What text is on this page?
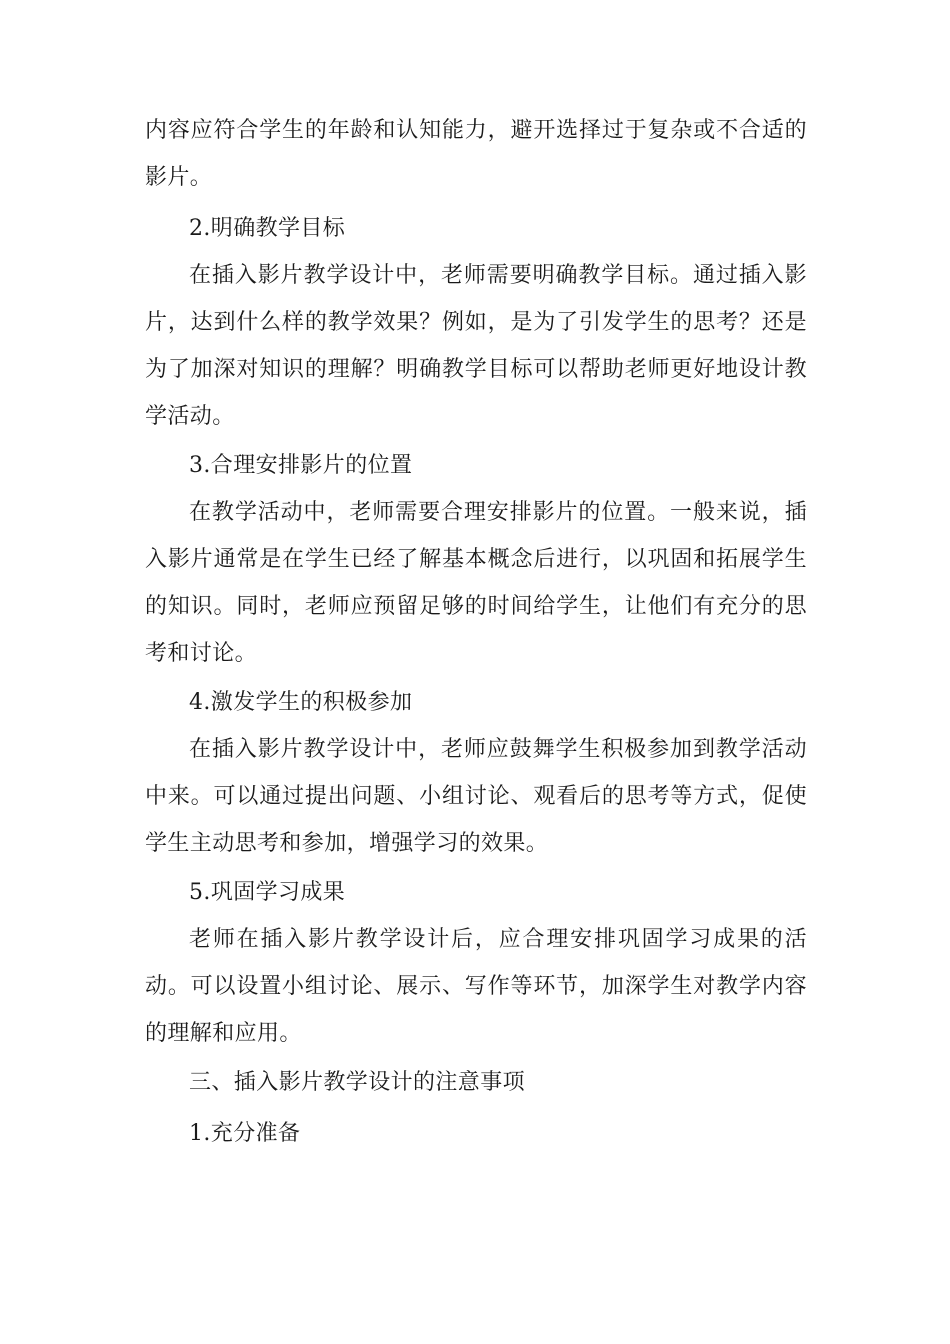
内容应符合学生的年龄和认知能力，避开选择过于复杂或不合适的影片。

2.明确教学目标

在插入影片教学设计中，老师需要明确教学目标。通过插入影片，达到什么样的教学效果？例如，是为了引发学生的思考？还是为了加深对知识的理解？明确教学目标可以帮助老师更好地设计教学活动。

3.合理安排影片的位置

在教学活动中，老师需要合理安排影片的位置。一般来说，插入影片通常是在学生已经了解基本概念后进行，以巩固和拓展学生的知识。同时，老师应预留足够的时间给学生，让他们有充分的思考和讨论。

4.激发学生的积极参加

在插入影片教学设计中，老师应鼓舞学生积极参加到教学活动中来。可以通过提出问题、小组讨论、观看后的思考等方式，促使学生主动思考和参加，增强学习的效果。

5.巩固学习成果

老师在插入影片教学设计后，应合理安排巩固学习成果的活动。可以设置小组讨论、展示、写作等环节，加深学生对教学内容的理解和应用。

三、插入影片教学设计的注意事项

1.充分准备
